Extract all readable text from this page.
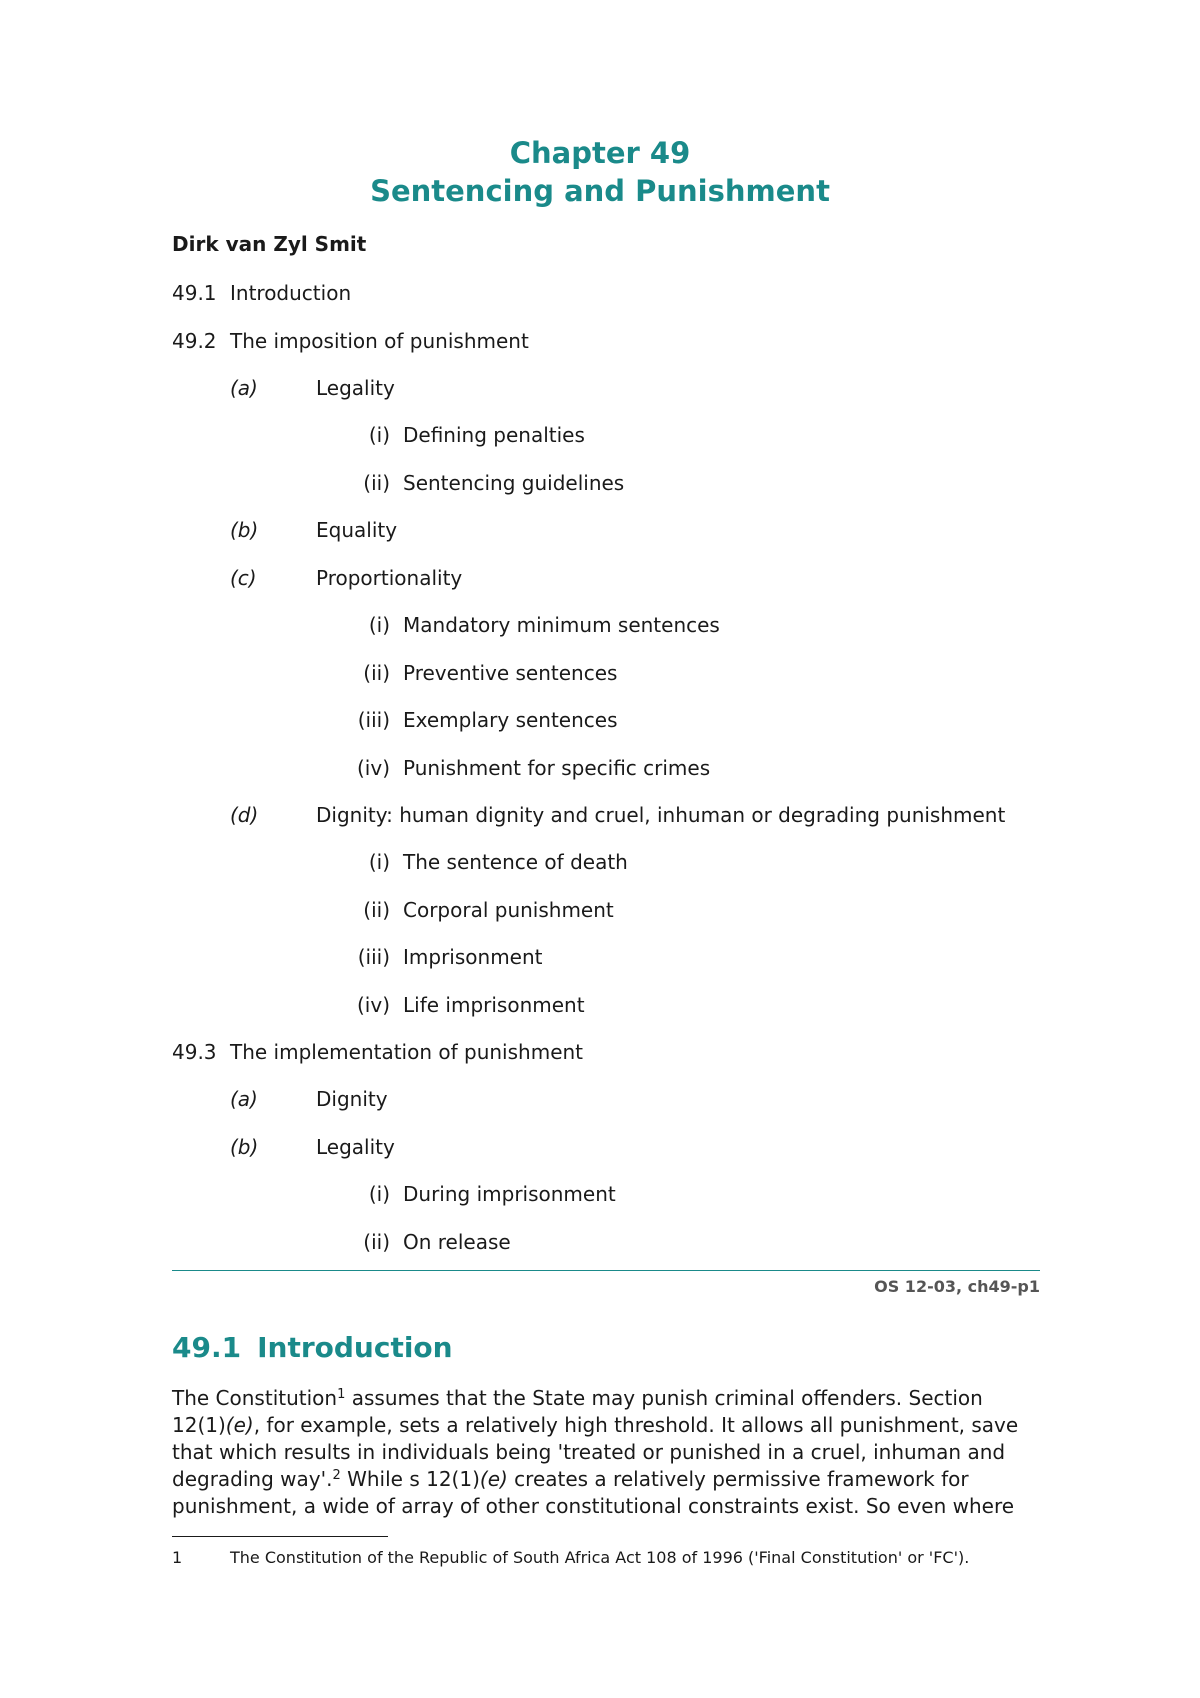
Chapter 49
Sentencing and Punishment
Dirk van Zyl Smit
49.1 Introduction
49.2 The imposition of punishment
(a)	Legality
(i) Defining penalties
(ii) Sentencing guidelines
(b)	Equality
(c)	Proportionality
(i) Mandatory minimum sentences
(ii) Preventive sentences
(iii) Exemplary sentences
(iv) Punishment for specific crimes
(d)	Dignity: human dignity and cruel, inhuman or degrading punishment
(i) The sentence of death
(ii) Corporal punishment
(iii) Imprisonment
(iv) Life imprisonment
49.3 The implementation of punishment
(a)	Dignity
(b)	Legality
(i) During imprisonment
(ii) On release
OS 12-03, ch49-p1
49.1 Introduction
The Constitution$^1$ assumes that the State may punish criminal offenders. Section
12(1)(e), for example, sets a relatively high threshold. It allows all punishment, save
that which results in individuals being 'treated or punished in a cruel, inhuman and
degrading way'.$^2$ While s 12(1)(e) creates a relatively permissive framework for
punishment, a wide of array of other constitutional constraints exist. So even where
1	The Constitution of the Republic of South Africa Act 108 of 1996 ('Final Constitution' or 'FC').
